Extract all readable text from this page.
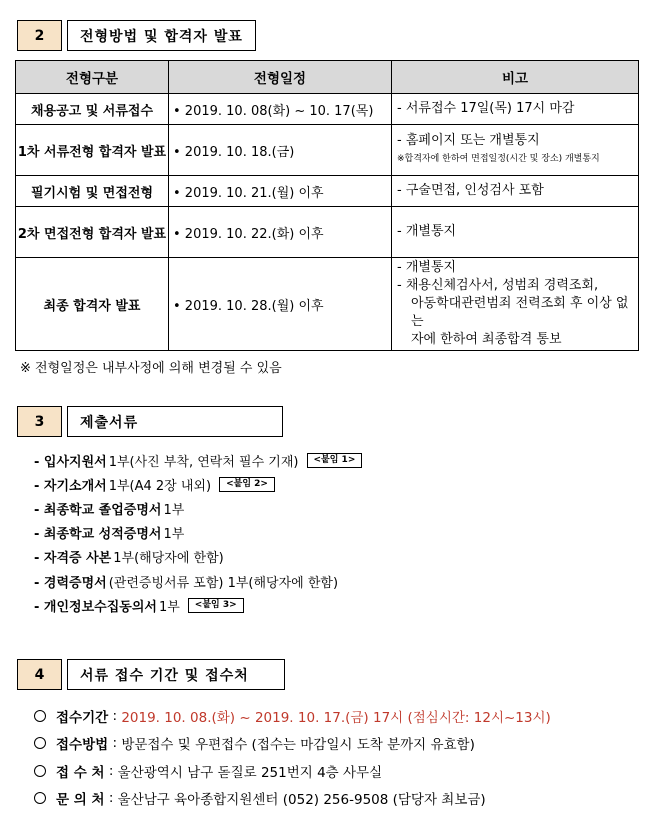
2	전형방법 및 합격자 발표
전형구분	전형일정	비고
채용공고 및 서류접수	• 2019. 10. 08(화) ~ 10. 17(목)	- 서류접수 17일(목) 17시 마감

1차 서류전형 합격자 발표	• 2019. 10. 18.(금)	- 홈페이지 또는 개별통지
※합격자에 한하여 면접일정(시간 및 장소) 개별통지

필기시험 및 면접전형	• 2019. 10. 21.(월) 이후	- 구술면접, 인성검사 포함

2차 면접전형 합격자 발표	• 2019. 10. 22.(화) 이후	- 개별통지

최종 합격자 발표	• 2019. 10. 28.(월) 이후	- 개별통지
- 채용신체검사서, 성범죄 경력조회,
아동학대관련범죄 전력조회 후 이상 없는
자에 한하여 최종합격 통보
※ 전형일정은 내부사정에 의해 변경될 수 있음
3	제출서류
- 입사지원서 1부(사진 부착, 연락처 필수 기재)	<붙임 1>
- 자기소개서 1부(A4 2장 내외)	<붙임 2>
- 최종학교 졸업증명서 1부
- 최종학교 성적증명서 1부
- 자격증 사본 1부(해당자에 한함)
- 경력증명서 (관련증빙서류 포함) 1부(해당자에 한함)
- 개인정보수집동의서 1부	<붙임 3>
4	서류 접수 기간 및 접수처
접수기간 : 2019. 10. 08.(화) ~ 2019. 10. 17.(금) 17시 (점심시간: 12시~13시)
접수방법 : 방문접수 및 우편접수 (접수는 마감일시 도착 분까지 유효함)
접 수 처 : 울산광역시 남구 돋질로 251번지 4층 사무실
문 의 처 : 울산남구 육아종합지원센터 (052) 256-9508 (담당자 최보금)
